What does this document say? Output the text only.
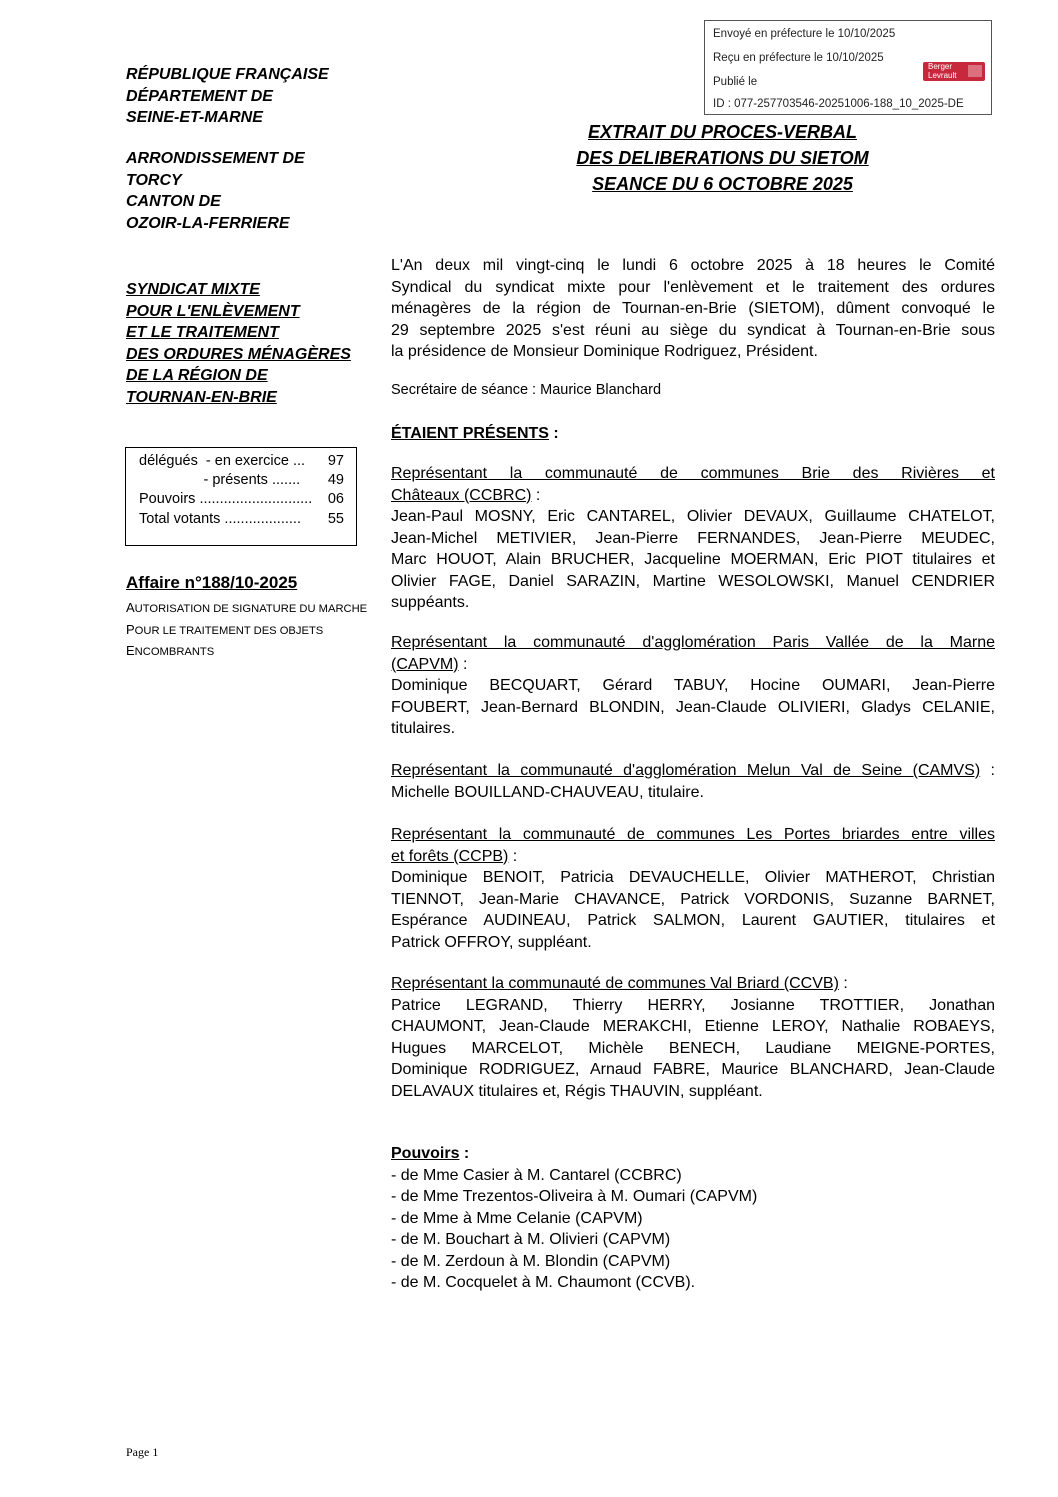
Envoyé en préfecture le 10/10/2025
Reçu en préfecture le 10/10/2025
Publié le
ID : 077-257703546-20251006-188_10_2025-DE
Berger
Levrault
RÉPUBLIQUE FRANÇAISE
DÉPARTEMENT DE
SEINE-ET-MARNE
ARRONDISSEMENT DE
TORCY
CANTON DE
OZOIR-LA-FERRIERE
SYNDICAT MIXTE
POUR L'ENLÈVEMENT
ET LE TRAITEMENT
DES ORDURES MÉNAGÈRES
DE LA RÉGION DE
TOURNAN-EN-BRIE
délégués  - en exercice ... 97
- présents ....... 49
Pouvoirs ............................ 06
Total votants ................... 55
Affaire n°188/10-2025
AUTORISATION DE SIGNATURE DU MARCHE
POUR LE TRAITEMENT DES OBJETS
ENCOMBRANTS
EXTRAIT DU PROCES-VERBAL
DES DELIBERATIONS DU SIETOM
SEANCE DU 6 OCTOBRE 2025
L'An deux mil vingt-cinq le lundi 6 octobre 2025 à 18 heures le Comité
Syndical du syndicat mixte pour l'enlèvement et le traitement des ordures
ménagères de la région de Tournan-en-Brie (SIETOM), dûment convoqué le
29 septembre 2025 s'est réuni au siège du syndicat à Tournan-en-Brie sous
la présidence de Monsieur Dominique Rodriguez, Président.
Secrétaire de séance : Maurice Blanchard
ÉTAIENT PRÉSENTS :
Représentant la communauté de communes Brie des Rivières et
Châteaux (CCBRC) :
Jean-Paul MOSNY, Eric CANTAREL, Olivier DEVAUX, Guillaume CHATELOT,
Jean-Michel METIVIER, Jean-Pierre FERNANDES, Jean-Pierre MEUDEC,
Marc HOUOT, Alain BRUCHER, Jacqueline MOERMAN, Eric PIOT titulaires et
Olivier FAGE, Daniel SARAZIN, Martine WESOLOWSKI, Manuel CENDRIER
suppéants.
Représentant la communauté d'agglomération Paris Vallée de la Marne
(CAPVM) :
Dominique BECQUART, Gérard TABUY, Hocine OUMARI, Jean-Pierre
FOUBERT, Jean-Bernard BLONDIN, Jean-Claude OLIVIERI, Gladys CELANIE,
titulaires.
Représentant la communauté d'agglomération Melun Val de Seine (CAMVS) :
Michelle BOUILLAND-CHAUVEAU, titulaire.
Représentant la communauté de communes Les Portes briardes entre villes
et forêts (CCPB) :
Dominique BENOIT, Patricia DEVAUCHELLE, Olivier MATHEROT, Christian
TIENNOT, Jean-Marie CHAVANCE, Patrick VORDONIS, Suzanne BARNET,
Espérance AUDINEAU, Patrick SALMON, Laurent GAUTIER, titulaires et
Patrick OFFROY, suppléant.
Représentant la communauté de communes Val Briard (CCVB) :
Patrice LEGRAND, Thierry HERRY, Josianne TROTTIER, Jonathan
CHAUMONT, Jean-Claude MERAKCHI, Etienne LEROY, Nathalie ROBAEYS,
Hugues MARCELOT, Michèle BENECH, Laudiane MEIGNE-PORTES,
Dominique RODRIGUEZ, Arnaud FABRE, Maurice BLANCHARD, Jean-Claude
DELAVAUX titulaires et, Régis THAUVIN, suppléant.
Pouvoirs :
- de Mme Casier à M. Cantarel (CCBRC)
- de Mme Trezentos-Oliveira à M. Oumari (CAPVM)
- de Mme à Mme Celanie (CAPVM)
- de M. Bouchart à M. Olivieri (CAPVM)
- de M. Zerdoun à M. Blondin (CAPVM)
- de M. Cocquelet à M. Chaumont (CCVB).
Page 1
